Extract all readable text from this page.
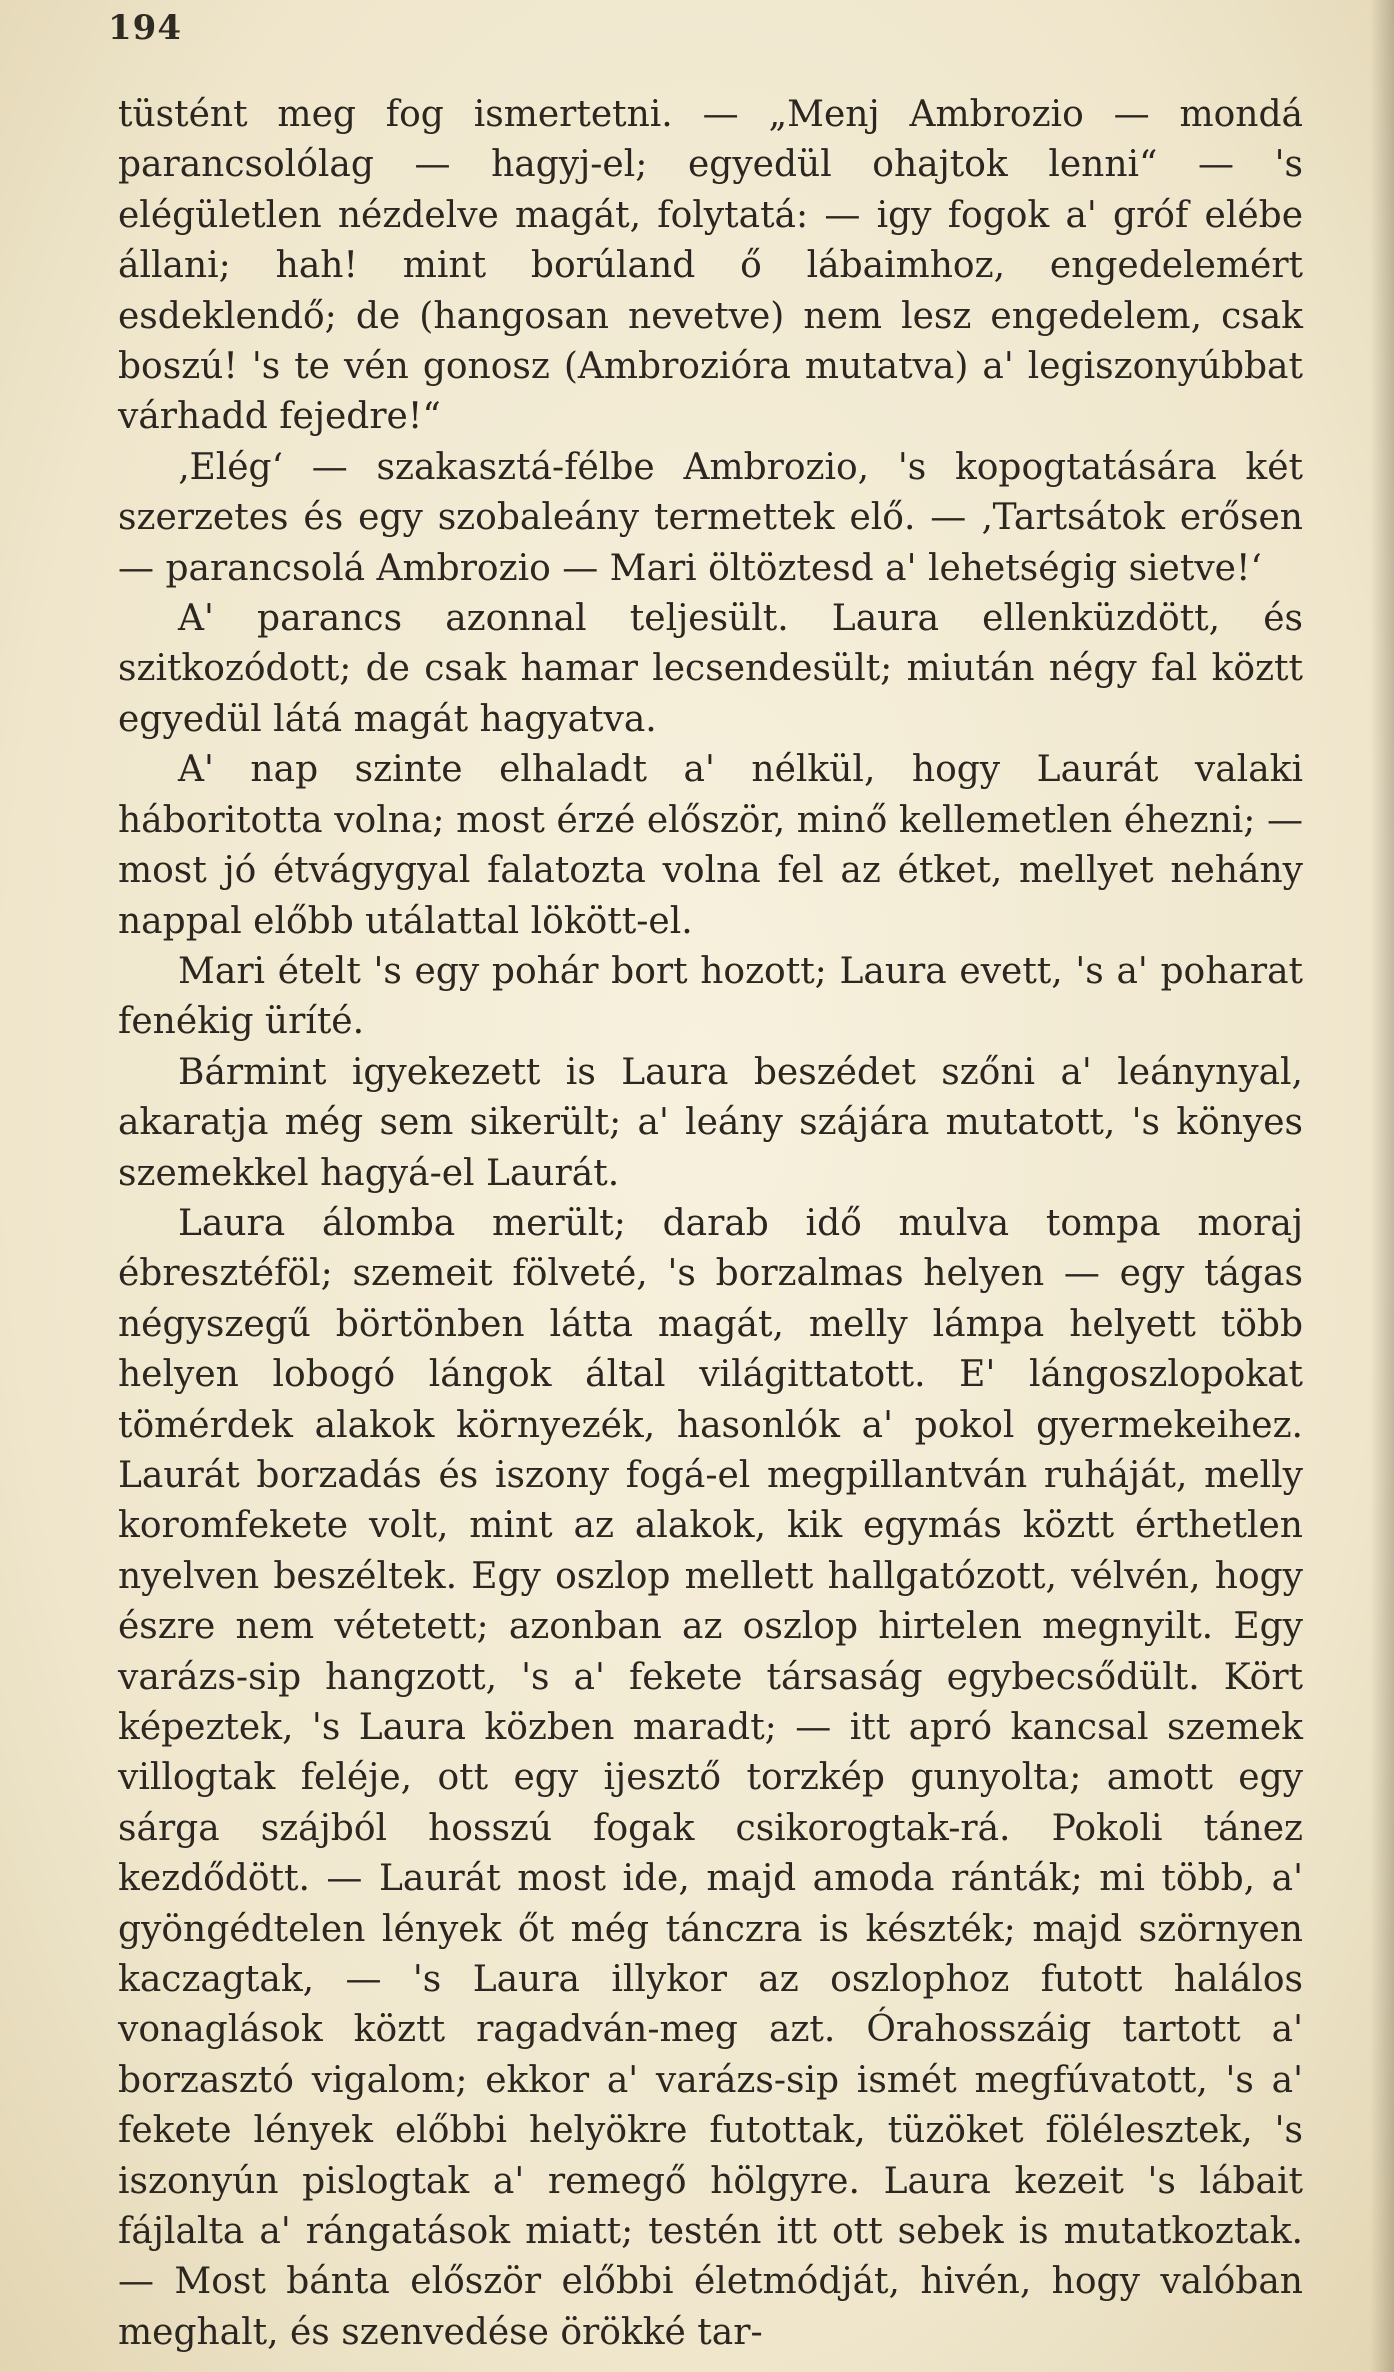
194

tüstént meg fog ismertetni. — „Menj Ambrozio — mondá parancsolólag — hagyj-el; egyedül ohajtok lenni“ — 's elégületlen nézdelve magát, folytatá: — igy fogok a' gróf elébe állani; hah! mint borúland ő lábaimhoz, engedelemért esdeklendő; de (hangosan nevetve) nem lesz engedelem, csak boszú! 's te vén gonosz (Ambrozióra mutatva) a' legiszonyúbbat várhadd fejedre!“

‚Elég‘ — szakasztá-félbe Ambrozio, 's kopogtatására két szerzetes és egy szobaleány termettek elő. — ‚Tartsátok erősen — parancsolá Ambrozio — Mari öltöztesd a' lehetségig sietve!‘

A' parancs azonnal teljesült. Laura ellenküzdött, és szitkozódott; de csak hamar lecsendesült; miután négy fal köztt egyedül látá magát hagyatva.

A' nap szinte elhaladt a' nélkül, hogy Laurát valaki háboritotta volna; most érzé először, minő kellemetlen éhezni; — most jó étvágygyal falatozta volna fel az étket, mellyet nehány nappal előbb utálattal lökött-el.

Mari ételt 's egy pohár bort hozott; Laura evett, 's a' poharat fenékig üríté.

Bármint igyekezett is Laura beszédet szőni a' leánynyal, akaratja még sem sikerült; a' leány szájára mutatott, 's könyes szemekkel hagyá-el Laurát.

Laura álomba merült; darab idő mulva tompa moraj ébresztéföl; szemeit fölveté, 's borzalmas helyen — egy tágas négyszegű börtönben látta magát, melly lámpa helyett több helyen lobogó lángok által világittatott. E' lángoszlopokat tömérdek alakok környezék, hasonlók a' pokol gyermekeihez. Laurát borzadás és iszony fogá-el megpillantván ruháját, melly koromfekete volt, mint az alakok, kik egymás köztt érthetlen nyelven beszéltek. Egy oszlop mellett hallgatózott, vélvén, hogy észre nem vétetett; azonban az oszlop hirtelen megnyilt. Egy varázs-sip hangzott, 's a' fekete társaság egybecsődült. Kört képeztek, 's Laura közben maradt; — itt apró kancsal szemek villogtak feléje, ott egy ijesztő torzkép gunyolta; amott egy sárga szájból hosszú fogak csikorogtak-rá. Pokoli tánez kezdődött. — Laurát most ide, majd amoda ránták; mi több, a' gyöngédtelen lények őt még tánczra is készték; majd szörnyen kaczagtak, — 's Laura illykor az oszlophoz futott halálos vonaglások köztt ragadván-meg azt. Órahosszáig tartott a' borzasztó vigalom; ekkor a' varázs-sip ismét megfúvatott, 's a' fekete lények előbbi helyökre futottak, tüzöket fölélesztek, 's iszonyún pislogtak a' remegő hölgyre. Laura kezeit 's lábait fájlalta a' rángatások miatt; testén itt ott sebek is mutatkoztak. — Most bánta először előbbi életmódját, hivén, hogy valóban meghalt, és szenvedése örökké tar-
